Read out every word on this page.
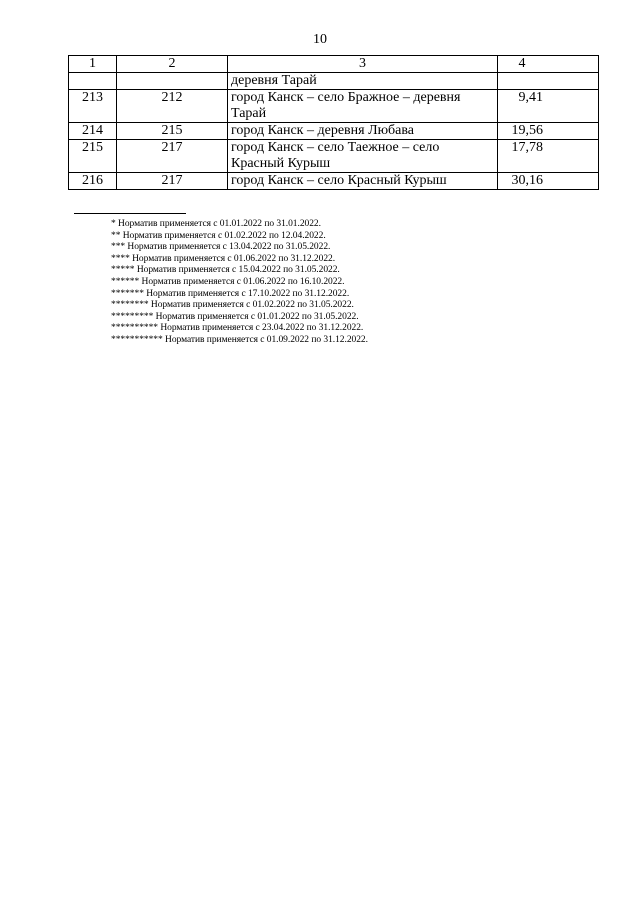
10
1	2	3	4
		деревня Тарай	
213	212	город Канск – село Бражное – деревня Тарай	9,41
214	215	город Канск – деревня Любава	19,56
215	217	город Канск – село Таежное – село Красный Курыш	17,78
216	217	город Канск – село Красный Курыш	30,16
* Норматив применяется с 01.01.2022 по 31.01.2022.
** Норматив применяется с 01.02.2022 по 12.04.2022.
*** Норматив применяется с 13.04.2022 по 31.05.2022.
**** Норматив применяется с 01.06.2022 по 31.12.2022.
***** Норматив применяется с 15.04.2022 по 31.05.2022.
****** Норматив применяется с 01.06.2022 по 16.10.2022.
******* Норматив применяется с 17.10.2022 по 31.12.2022.
******** Норматив применяется с 01.02.2022 по 31.05.2022.
********* Норматив применяется с 01.01.2022 по 31.05.2022.
********** Норматив применяется с 23.04.2022 по 31.12.2022.
*********** Норматив применяется с 01.09.2022 по 31.12.2022.
